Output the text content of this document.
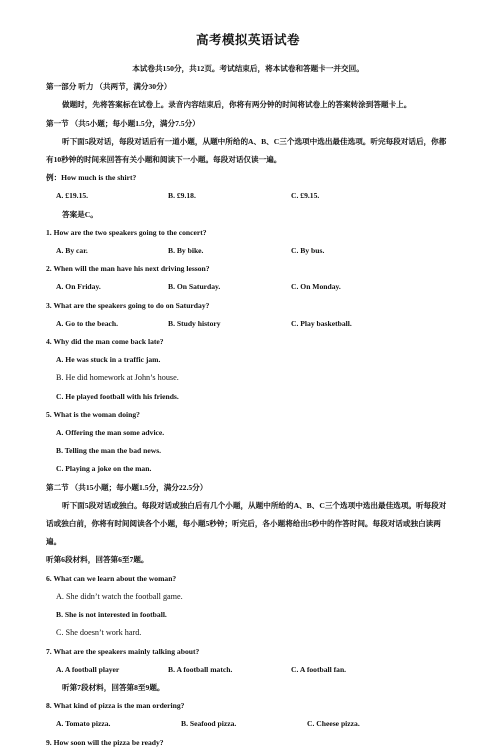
高考模拟英语试卷
本试卷共150分，共12页。考试结束后，将本试卷和答题卡一并交回。
第一部分 听力 （共两节，满分30分）
做题时，先将答案标在试卷上。录音内容结束后，你将有两分钟的时间将试卷上的答案转涂到答题卡上。
第一节 （共5小题；每小题1.5分，满分7.5分）
听下面5段对话，每段对话后有一道小题，从题中所给的A、B、C三个选项中选出最佳选项。听完每段对话后，你都有10秒钟的时间来回答有关小题和阅读下一小题。每段对话仅读一遍。
例：How much is the shirt?
A. £19.15.	B. £9.18.	C. £9.15.
答案是C。
1. How are the two speakers going to the concert?
A. By car.	B. By bike.	C. By bus.
2. When will the man have his next driving lesson?
A. On Friday.	B. On Saturday.	C. On Monday.
3. What are the speakers going to do on Saturday?
A. Go to the beach.	B. Study history	C. Play basketball.
4. Why did the man come back late?
A. He was stuck in a traffic jam.
B. He did homework at John’s house.
C. He played football with his friends.
5. What is the woman doing?
A. Offering the man some advice.
B. Telling the man the bad news.
C. Playing a joke on the man.
第二节 （共15小题；每小题1.5分，满分22.5分）
听下面5段对话或独白。每段对话或独白后有几个小题，从题中所给的A、B、C三个选项中选出最佳选项。听每段对话或独白前，你将有时间阅读各个小题，每小题5秒钟；听完后，各小题将给出5秒中的作答时间。每段对话或独白读两遍。
听第6段材料，回答第6至7题。
6. What can we learn about the woman?
A. She didn’t watch the football game.
B. She is not interested in football.
C. She doesn’t work hard.
7. What are the speakers mainly talking about?
A. A football player	B. A football match.	C. A football fan.
听第7段材料，回答第8至9题。
8. What kind of pizza is the man ordering?
A. Tomato pizza.	B. Seafood pizza.	C. Cheese pizza.
9. How soon will the pizza be ready?
